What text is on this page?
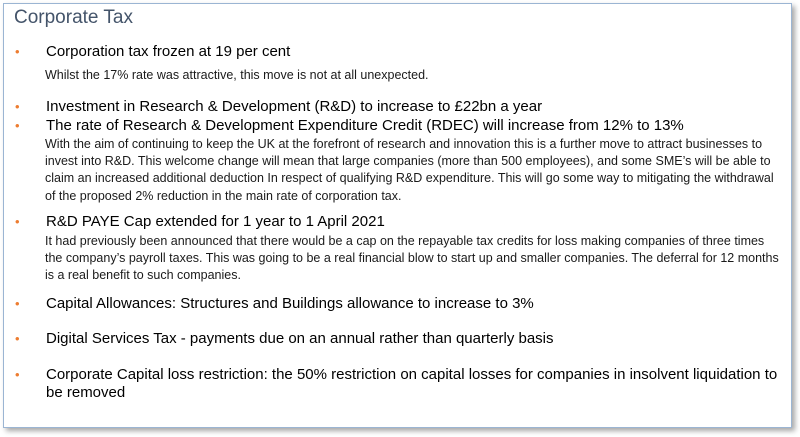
Corporate Tax
• Corporation tax frozen at 19 per cent
Whilst the 17% rate was attractive, this move is not at all unexpected.
• Investment in Research & Development (R&D) to increase to £22bn a year
• The rate of Research & Development Expenditure Credit (RDEC) will increase from 12% to 13%
With the aim of continuing to keep the UK at the forefront of research and innovation this is a further move to attract businesses to invest into R&D. This welcome change will mean that large companies (more than 500 employees), and some SME’s will be able to claim an increased additional deduction In respect of qualifying R&D expenditure. This will go some way to mitigating the withdrawal of the proposed 2% reduction in the main rate of corporation tax.
• R&D PAYE Cap extended for 1 year to 1 April 2021
It had previously been announced that there would be a cap on the repayable tax credits for loss making companies of three times the company’s payroll taxes. This was going to be a real financial blow to start up and smaller companies. The deferral for 12 months is a real benefit to such companies.
• Capital Allowances: Structures and Buildings allowance to increase to 3%
• Digital Services Tax - payments due on an annual rather than quarterly basis
• Corporate Capital loss restriction: the 50% restriction on capital losses for companies in insolvent liquidation to be removed
